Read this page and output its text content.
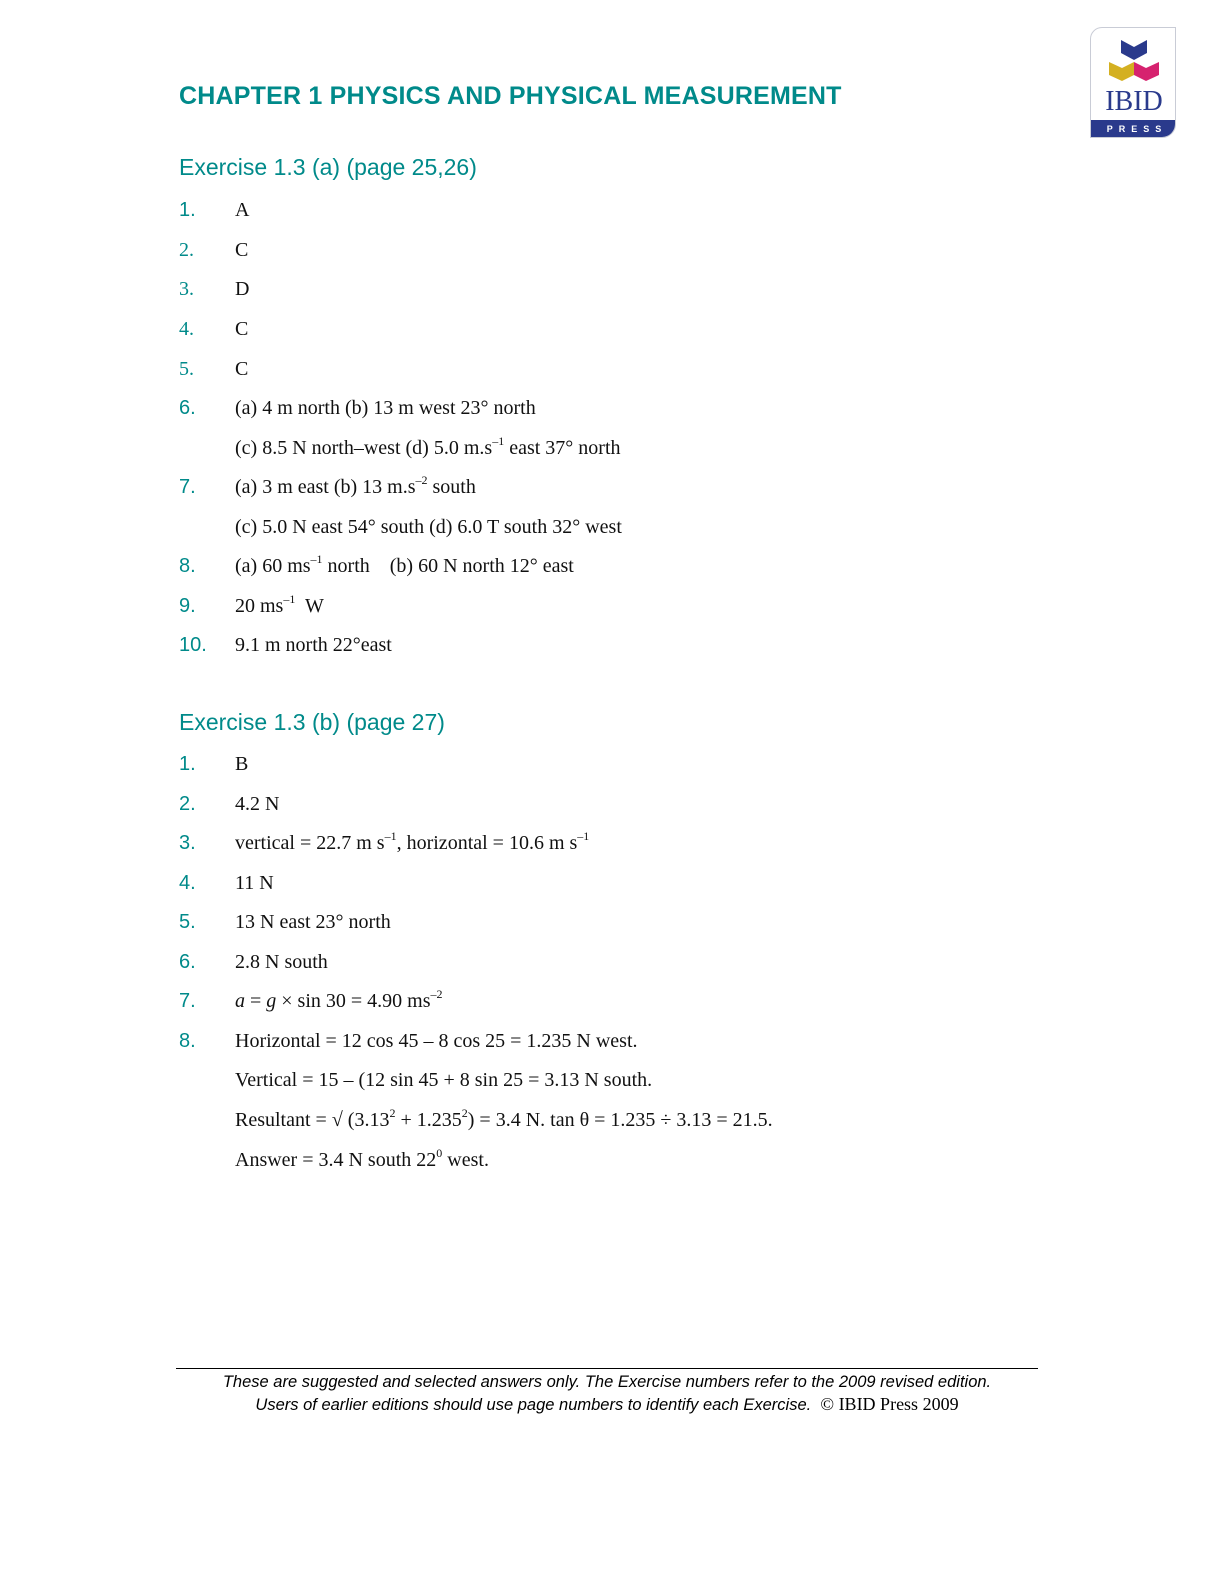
CHAPTER 1 PHYSICS AND PHYSICAL MEASUREMENT	IBID
PRESS
Exercise 1.3 (a) (page 25,26)
1.	A
2.	C
3.	D
4.	C
5.	C
6.	(a) 4 m north (b) 13 m west 23° north
(c) 8.5 N north–west (d) 5.0 $m.s^{-1}$ east 37° north
7.	(a) 3 m east (b) 13 $m.s^{-2}$ south
(c) 5.0 N east 54° south (d) 6.0 T south 32° west
8.	(a) 60 $ms^{-1}$ north    (b) 60 N north 12° east
9.	20 $ms^{-1}$  W
10.	9.1 m north 22°east
Exercise 1.3 (b) (page 27)
1.	B
2.	4.2 N
3.	vertical = 22.7 m $s^{-1}$, horizontal = 10.6 m $s^{-1}$
4.	11 N
5.	13 N east 23° north
6.	2.8 N south
7.	a = g × sin 30 = 4.90 $ms^{-2}$
8.	Horizontal = 12 cos 45 – 8 cos 25 = 1.235 N west.
Vertical = 15 – (12 sin 45 + 8 sin 25 = 3.13 N south.
Resultant = √ $(3.13^2 + 1.235^2) = 3.4$ N. tan θ = 1.235 ÷ 3.13 = 21.5.
Answer = 3.4 N south $22^0$ west.
These are suggested and selected answers only. The Exercise numbers refer to the 2009 revised edition.
Users of earlier editions should use page numbers to identify each Exercise. © IBID Press 2009
